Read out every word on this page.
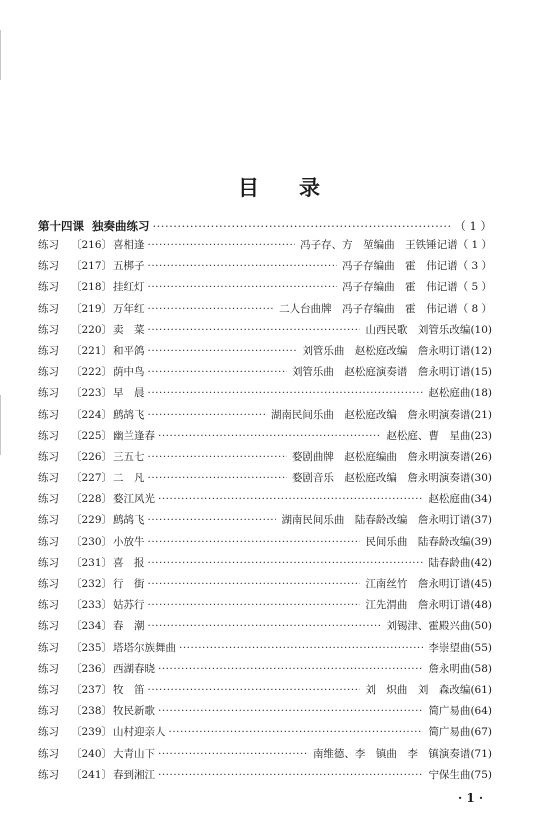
目 录
第十四课 独奏曲练习 ·····	（ 1 ）
练习	〔216〕 喜相逢 ·····	冯子存、方　堃编曲　王铁锤记谱 （ 1 ）
练习	〔217〕 五梆子 ·····	冯子存编曲　霍　伟记谱 （ 3 ）
练习	〔218〕 挂红灯 ·····	冯子存编曲　霍　伟记谱 （ 5 ）
练习	〔219〕 万年红 ·····	二人台曲牌　冯子存编曲　霍　伟记谱 （ 8 ）
练习	〔220〕 卖　菜 ·····	山西民歌　刘管乐改编 (10)
练习	〔221〕 和平鸽 ·····	刘管乐曲　赵松庭改编　詹永明订谱 (12)
练习	〔222〕 荫中鸟 ·····	刘管乐曲　赵松庭演奏谱　詹永明订谱 (15)
练习	〔223〕 早　晨 ·····	赵松庭曲 (18)
练习	〔224〕 鹧鸪飞 ·····	湖南民间乐曲　赵松庭改编　詹永明演奏谱 (21)
练习	〔225〕 幽兰逢春 ·····	赵松庭、曹　星曲 (23)
练习	〔226〕 三五七 ·····	婺剧曲牌　赵松庭编曲　詹永明演奏谱 (26)
练习	〔227〕 二　凡 ·····	婺剧音乐　赵松庭改编　詹永明演奏谱 (30)
练习	〔228〕 婺江风光 ·····	赵松庭曲 (34)
练习	〔229〕 鹧鸪飞 ·····	湖南民间乐曲　陆春龄改编　詹永明订谱 (37)
练习	〔230〕 小放牛 ·····	民间乐曲　陆春龄改编 (39)
练习	〔231〕 喜　报 ·····	陆春龄曲 (42)
练习	〔232〕 行　街 ·····	江南丝竹　詹永明订谱 (45)
练习	〔233〕 姑苏行 ·····	江先渭曲　詹永明订谱 (48)
练习	〔234〕 春　潮 ·····	刘锡津、霍殿兴曲 (50)
练习	〔235〕 塔塔尔族舞曲 ·····	李崇望曲 (55)
练习	〔236〕 西湖春晓 ·····	詹永明曲 (58)
练习	〔237〕 牧　笛 ·····	刘　炽曲　刘　森改编 (61)
练习	〔238〕 牧民新歌 ·····	简广易曲 (64)
练习	〔239〕 山村迎亲人 ·····	简广易曲 (67)
练习	〔240〕 大青山下 ·····	南维德、李　镇曲　李　镇演奏谱 (71)
练习	〔241〕 春到湘江 ·····	宁保生曲 (75)
· 1 ·
